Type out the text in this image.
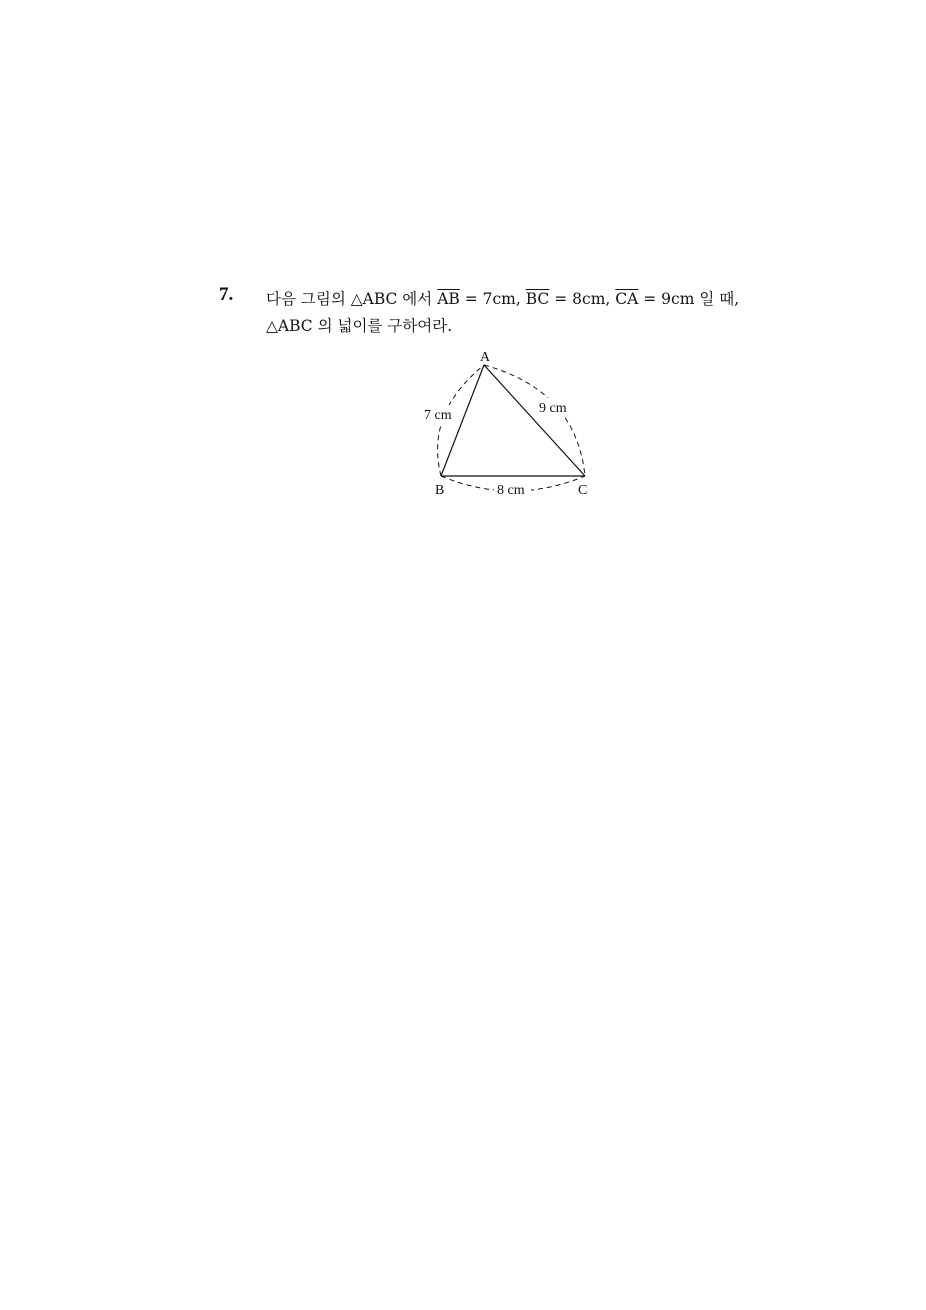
7. 다음 그림의 △ABC 에서 $\overline{AB} = 7cm$, $\overline{BC} = 8cm$, $\overline{CA} = 9cm$ 일 때,
△ABC 의 넓이를 구하여라.
A
B	C
7 cm	9 cm
8 cm
